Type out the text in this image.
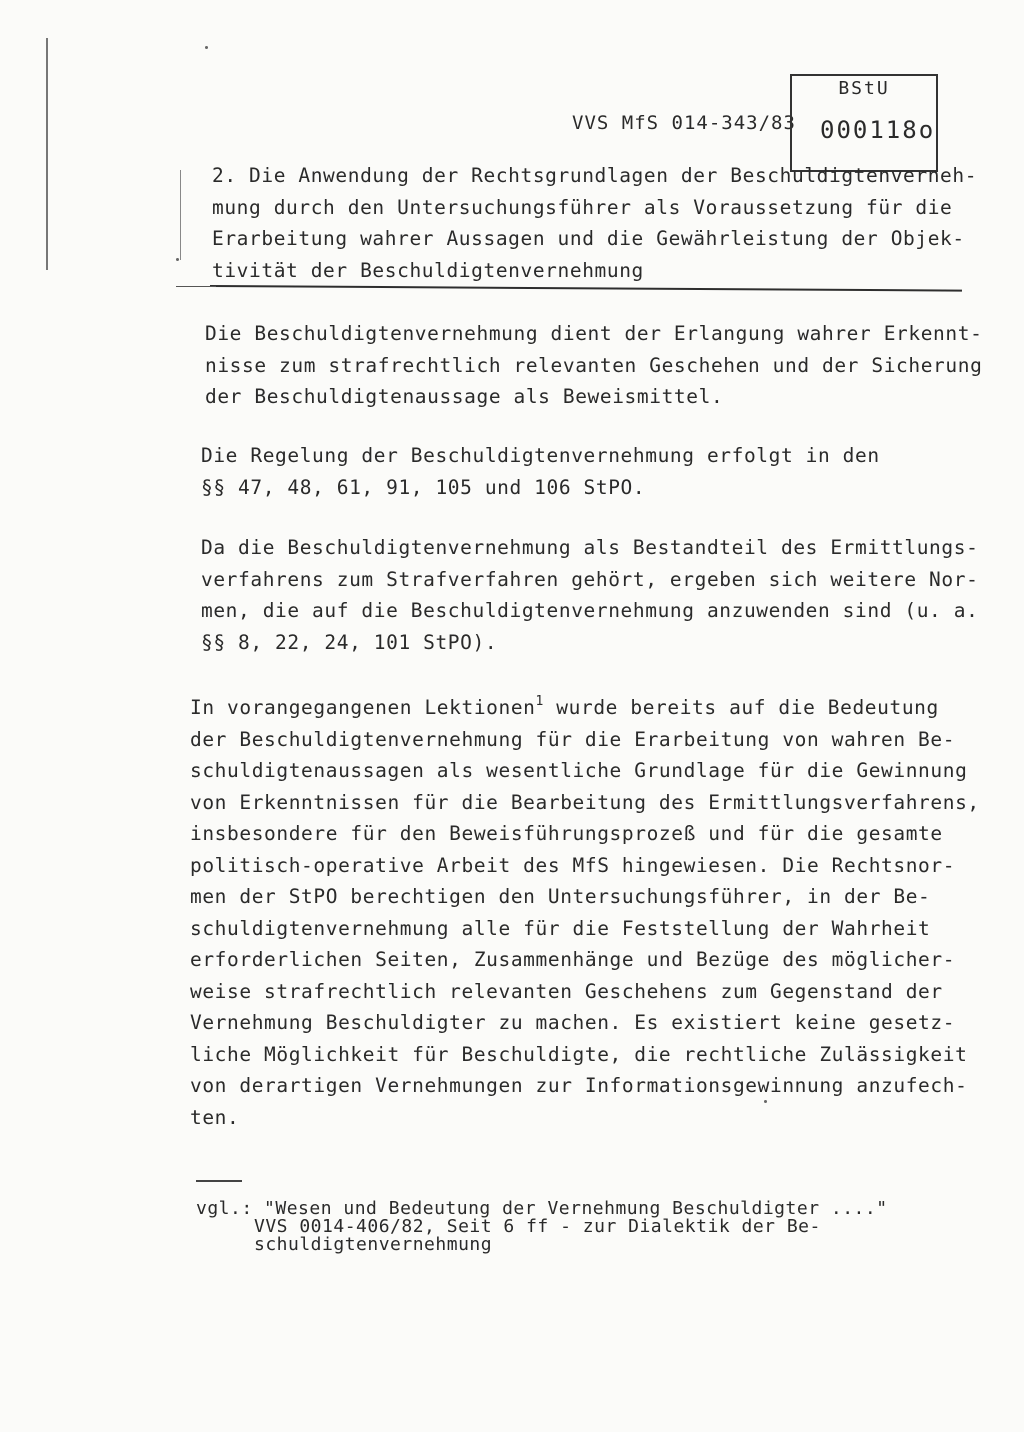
VVS MfS 014-343/83
BStU
000118o
2. Die Anwendung der Rechtsgrundlagen der Beschuldigtenverneh-
mung durch den Untersuchungsführer als Voraussetzung für die
Erarbeitung wahrer Aussagen und die Gewährleistung der Objek-
tivität der Beschuldigtenvernehmung
Die Beschuldigtenvernehmung dient der Erlangung wahrer Erkennt-
nisse zum strafrechtlich relevanten Geschehen und der Sicherung
der Beschuldigtenaussage als Beweismittel.
Die Regelung der Beschuldigtenvernehmung erfolgt in den
§§ 47, 48, 61, 91, 105 und 106 StPO.
Da die Beschuldigtenvernehmung als Bestandteil des Ermittlungs-
verfahrens zum Strafverfahren gehört, ergeben sich weitere Nor-
men, die auf die Beschuldigtenvernehmung anzuwenden sind (u. a.
§§ 8, 22, 24, 101 StPO).
In vorangegangenen Lektionen$^1$ wurde bereits auf die Bedeutung
der Beschuldigtenvernehmung für die Erarbeitung von wahren Be-
schuldigtenaussagen als wesentliche Grundlage für die Gewinnung
von Erkenntnissen für die Bearbeitung des Ermittlungsverfahrens,
insbesondere für den Beweisführungsprozeß und für die gesamte
politisch-operative Arbeit des MfS hingewiesen. Die Rechtsnor-
men der StPO berechtigen den Untersuchungsführer, in der Be-
schuldigtenvernehmung alle für die Feststellung der Wahrheit
erforderlichen Seiten, Zusammenhänge und Bezüge des möglicher-
weise strafrechtlich relevanten Geschehens zum Gegenstand der
Vernehmung Beschuldigter zu machen. Es existiert keine gesetz-
liche Möglichkeit für Beschuldigte, die rechtliche Zulässigkeit
von derartigen Vernehmungen zur Informationsgewinnung anzufech-
ten.
vgl.: "Wesen und Bedeutung der Vernehmung Beschuldigter ...."
VVS 0014-406/82, Seit 6 ff - zur Dialektik der Be-
schuldigtenvernehmung
